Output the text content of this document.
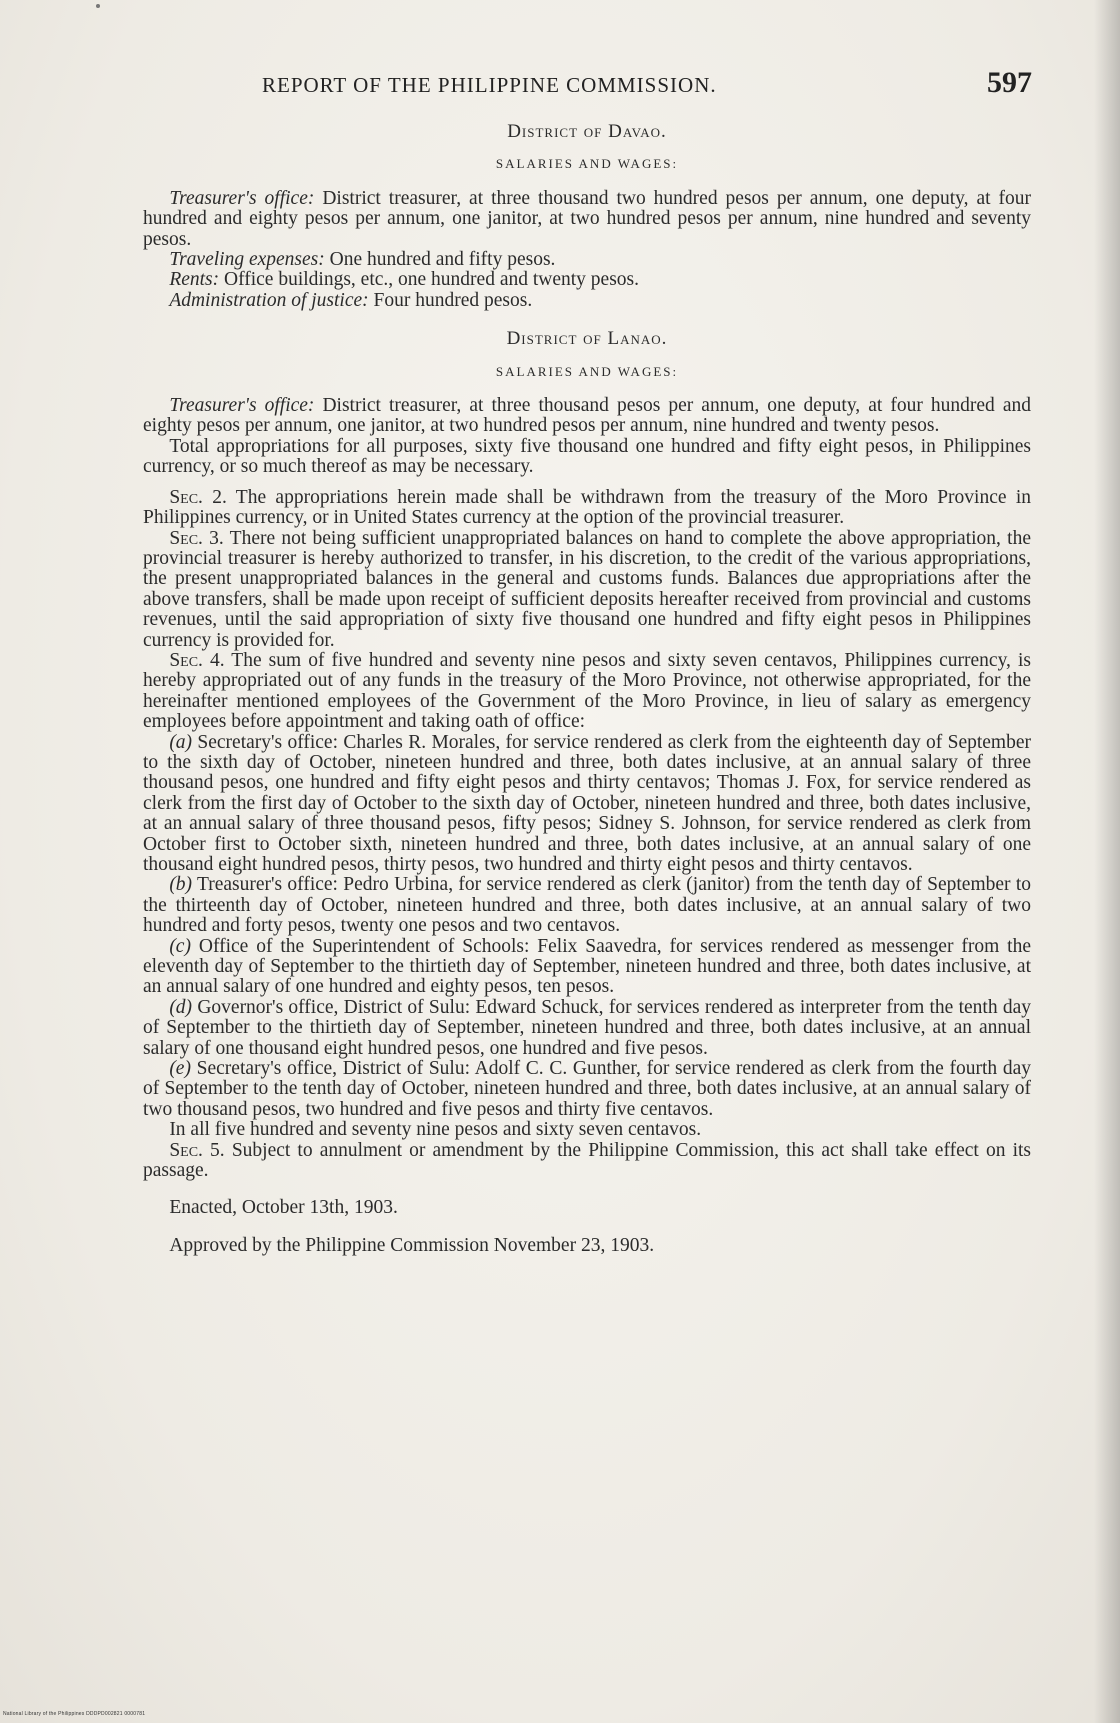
REPORT OF THE PHILIPPINE COMMISSION.	597
District of Davao.
SALARIES AND WAGES:

Treasurer's office: District treasurer, at three thousand two hundred pesos per annum, one deputy, at four hundred and eighty pesos per annum, one janitor, at two hundred pesos per annum, nine hundred and seventy pesos.

Traveling expenses: One hundred and fifty pesos.

Rents: Office buildings, etc., one hundred and twenty pesos.

Administration of justice: Four hundred pesos.

District of Lanao.
SALARIES AND WAGES:

Treasurer's office: District treasurer, at three thousand pesos per annum, one deputy, at four hundred and eighty pesos per annum, one janitor, at two hundred pesos per annum, nine hundred and twenty pesos.

Total appropriations for all purposes, sixty five thousand one hundred and fifty eight pesos, in Philippines currency, or so much thereof as may be necessary.

Sec. 2. The appropriations herein made shall be withdrawn from the treasury of the Moro Province in Philippines currency, or in United States currency at the option of the provincial treasurer.

Sec. 3. There not being sufficient unappropriated balances on hand to complete the above appropriation, the provincial treasurer is hereby authorized to transfer, in his discretion, to the credit of the various appropriations, the present unappropriated balances in the general and customs funds. Balances due appropriations after the above transfers, shall be made upon receipt of sufficient deposits hereafter received from provincial and customs revenues, until the said appropriation of sixty five thousand one hundred and fifty eight pesos in Philippines currency is provided for.

Sec. 4. The sum of five hundred and seventy nine pesos and sixty seven centavos, Philippines currency, is hereby appropriated out of any funds in the treasury of the Moro Province, not otherwise appropriated, for the hereinafter mentioned employees of the Government of the Moro Province, in lieu of salary as emergency employees before appointment and taking oath of office:

(a) Secretary's office: Charles R. Morales, for service rendered as clerk from the eighteenth day of September to the sixth day of October, nineteen hundred and three, both dates inclusive, at an annual salary of three thousand pesos, one hundred and fifty eight pesos and thirty centavos; Thomas J. Fox, for service rendered as clerk from the first day of October to the sixth day of October, nineteen hundred and three, both dates inclusive, at an annual salary of three thousand pesos, fifty pesos; Sidney S. Johnson, for service rendered as clerk from October first to October sixth, nineteen hundred and three, both dates inclusive, at an annual salary of one thousand eight hundred pesos, thirty pesos, two hundred and thirty eight pesos and thirty centavos.

(b) Treasurer's office: Pedro Urbina, for service rendered as clerk (janitor) from the tenth day of September to the thirteenth day of October, nineteen hundred and three, both dates inclusive, at an annual salary of two hundred and forty pesos, twenty one pesos and two centavos.

(c) Office of the Superintendent of Schools: Felix Saavedra, for services rendered as messenger from the eleventh day of September to the thirtieth day of September, nineteen hundred and three, both dates inclusive, at an annual salary of one hundred and eighty pesos, ten pesos.

(d) Governor's office, District of Sulu: Edward Schuck, for services rendered as interpreter from the tenth day of September to the thirtieth day of September, nineteen hundred and three, both dates inclusive, at an annual salary of one thousand eight hundred pesos, one hundred and five pesos.

(e) Secretary's office, District of Sulu: Adolf C. C. Gunther, for service rendered as clerk from the fourth day of September to the tenth day of October, nineteen hundred and three, both dates inclusive, at an annual salary of two thousand pesos, two hundred and five pesos and thirty five centavos.

In all five hundred and seventy nine pesos and sixty seven centavos.

Sec. 5. Subject to annulment or amendment by the Philippine Commission, this act shall take effect on its passage.

Enacted, October 13th, 1903.

Approved by the Philippine Commission November 23, 1903.

National Library of the Philippines DDDPD002821 0000781
